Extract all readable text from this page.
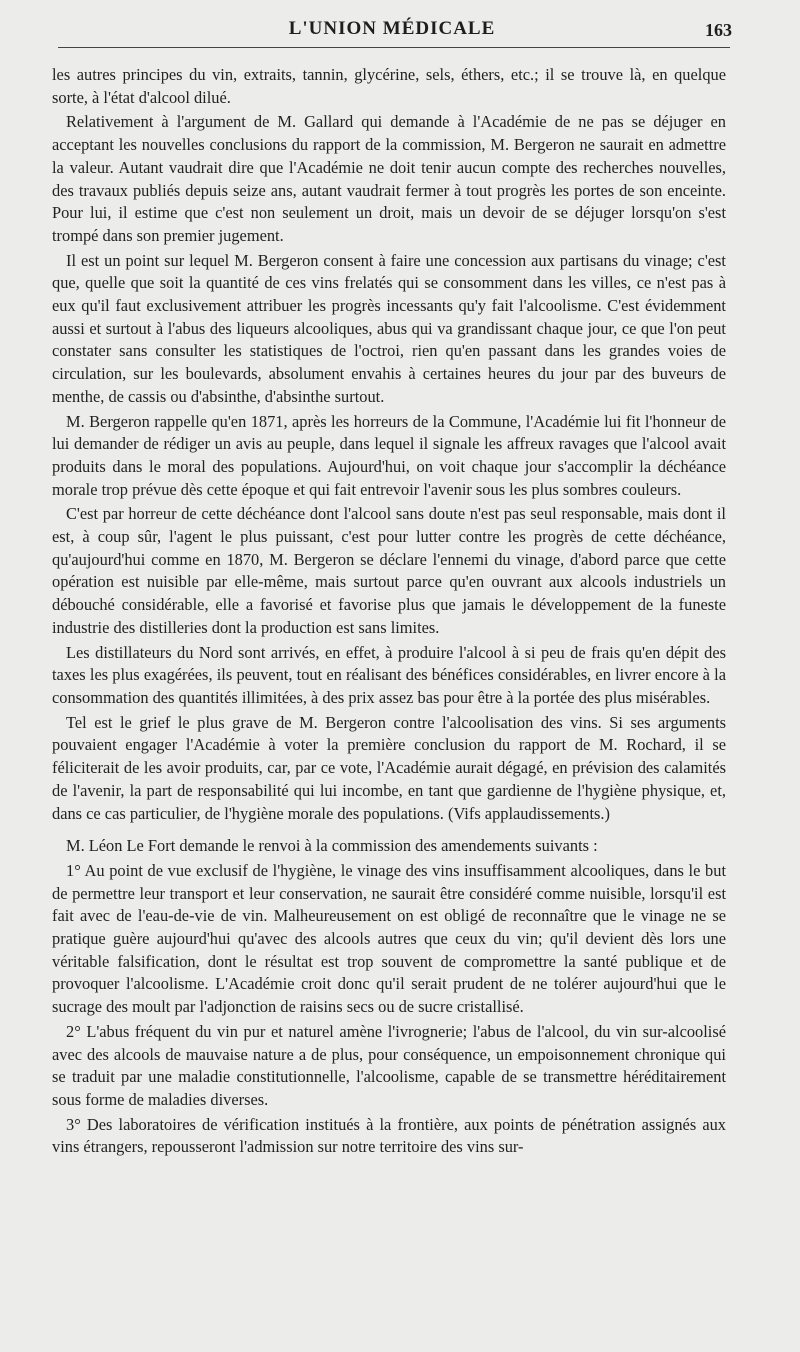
L'UNION MÉDICALE	163

les autres principes du vin, extraits, tannin, glycérine, sels, éthers, etc.; il se trouve là, en quelque sorte, à l'état d'alcool dilué.

Relativement à l'argument de M. Gallard qui demande à l'Académie de ne pas se déjuger en acceptant les nouvelles conclusions du rapport de la commission, M. Bergeron ne saurait en admettre la valeur. Autant vaudrait dire que l'Académie ne doit tenir aucun compte des recherches nouvelles, des travaux publiés depuis seize ans, autant vaudrait fermer à tout progrès les portes de son enceinte. Pour lui, il estime que c'est non seulement un droit, mais un devoir de se déjuger lorsqu'on s'est trompé dans son premier jugement.

Il est un point sur lequel M. Bergeron consent à faire une concession aux partisans du vinage; c'est que, quelle que soit la quantité de ces vins frelatés qui se consomment dans les villes, ce n'est pas à eux qu'il faut exclusivement attribuer les progrès incessants qu'y fait l'alcoolisme. C'est évidemment aussi et surtout à l'abus des liqueurs alcooliques, abus qui va grandissant chaque jour, ce que l'on peut constater sans consulter les statistiques de l'octroi, rien qu'en passant dans les grandes voies de circulation, sur les boulevards, absolument envahis à certaines heures du jour par des buveurs de menthe, de cassis ou d'absinthe, d'absinthe surtout.

M. Bergeron rappelle qu'en 1871, après les horreurs de la Commune, l'Académie lui fit l'honneur de lui demander de rédiger un avis au peuple, dans lequel il signale les affreux ravages que l'alcool avait produits dans le moral des populations. Aujourd'hui, on voit chaque jour s'accomplir la déchéance morale trop prévue dès cette époque et qui fait entrevoir l'avenir sous les plus sombres couleurs.

C'est par horreur de cette déchéance dont l'alcool sans doute n'est pas seul responsable, mais dont il est, à coup sûr, l'agent le plus puissant, c'est pour lutter contre les progrès de cette déchéance, qu'aujourd'hui comme en 1870, M. Bergeron se déclare l'ennemi du vinage, d'abord parce que cette opération est nuisible par elle-même, mais surtout parce qu'en ouvrant aux alcools industriels un débouché considérable, elle a favorisé et favorise plus que jamais le développement de la funeste industrie des distilleries dont la production est sans limites.

Les distillateurs du Nord sont arrivés, en effet, à produire l'alcool à si peu de frais qu'en dépit des taxes les plus exagérées, ils peuvent, tout en réalisant des bénéfices considérables, en livrer encore à la consommation des quantités illimitées, à des prix assez bas pour être à la portée des plus misérables.

Tel est le grief le plus grave de M. Bergeron contre l'alcoolisation des vins. Si ses arguments pouvaient engager l'Académie à voter la première conclusion du rapport de M. Rochard, il se féliciterait de les avoir produits, car, par ce vote, l'Académie aurait dégagé, en prévision des calamités de l'avenir, la part de responsabilité qui lui incombe, en tant que gardienne de l'hygiène physique, et, dans ce cas particulier, de l'hygiène morale des populations. (Vifs applaudissements.)

M. Léon Le Fort demande le renvoi à la commission des amendements suivants :

1° Au point de vue exclusif de l'hygiène, le vinage des vins insuffisamment alcooliques, dans le but de permettre leur transport et leur conservation, ne saurait être considéré comme nuisible, lorsqu'il est fait avec de l'eau-de-vie de vin. Malheureusement on est obligé de reconnaître que le vinage ne se pratique guère aujourd'hui qu'avec des alcools autres que ceux du vin; qu'il devient dès lors une véritable falsification, dont le résultat est trop souvent de compromettre la santé publique et de provoquer l'alcoolisme. L'Académie croit donc qu'il serait prudent de ne tolérer aujourd'hui que le sucrage des moult par l'adjonction de raisins secs ou de sucre cristallisé.

2° L'abus fréquent du vin pur et naturel amène l'ivrognerie; l'abus de l'alcool, du vin sur-alcoolisé avec des alcools de mauvaise nature a de plus, pour conséquence, un empoisonnement chronique qui se traduit par une maladie constitutionnelle, l'alcoolisme, capable de se transmettre héréditairement sous forme de maladies diverses.

3° Des laboratoires de vérification institués à la frontière, aux points de pénétration assignés aux vins étrangers, repousseront l'admission sur notre territoire des vins sur-
